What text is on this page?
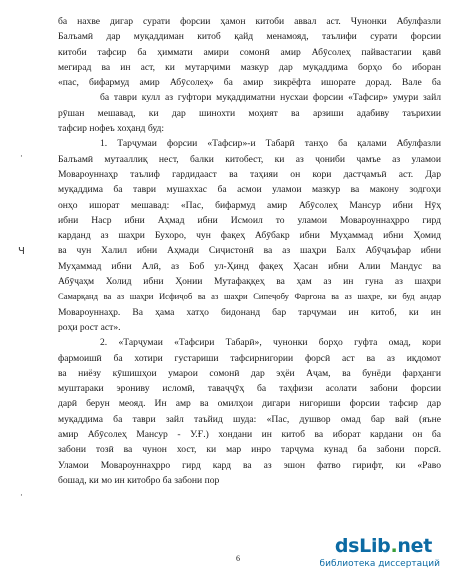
·
ч
·
ба нахве дигар сурати форсии ҳамон китоби аввал аст. Чунонки Абулфазли
Балъамӣ дар муқаддиман китоб қайд менамояд, таълифи сурати форсии
китоби тафсир ба ҳиммати амири сомонӣ амир Абӯсолеҳ пайвастагии қавӣ
мегирад ва ин аст, ки мутарҷими мазкур дар муқаддима борҳо бо иборан
«пас, бифармуд амир Абӯсолеҳ» ба амир зикрёфта ишорате дорад. Вале ба
ба таври кулл аз гуфтори муқаддиматни нусхаи форсии «Тафсир» умури зайл
рӯшан мешавад, ки дар шинохти моҳият ва арзиши адабиву таърихии
тафсир нофеъ хоҳанд буд:
1. Тарҷумаи форсии «Тафсир»-и Табарӣ танҳо ба қалами Абулфазли
Балъамӣ мутааллиқ нест, балки китобест, ки аз ҷониби ҷамъе аз уламои
Мовароуннаҳр таълиф гардидааст ва таҳияи он кори дастҷамъӣ аст. Дар
муқаддима ба таври мушаххас ба асмои уламои мазкур ва макону зодгоҳи
онҳо ишорат мешавад: «Пас, бифармуд амир Абӯсолеҳ Мансур ибни Нӯҳ
ибни Наср ибни Аҳмад ибни Исмоил то уламои Мовароуннаҳрро гирд
карданд аз шаҳри Бухоро, чун фақеҳ Абӯбакр ибни Муҳаммад ибни Ҳомид
ва чун Халил ибни Аҳмади Сиҷистонӣ ва аз шаҳри Балх Абӯҷаъфар ибни
Муҳаммад ибни Алӣ, аз Боб ул-Ҳинд фақеҳ Ҳасан ибни Алии Мандус ва
Абӯҷаҳм Холид ибни Ҳонии Мутафаққеҳ ва ҳам аз ин гуна аз шаҳри
Самарқанд ва аз шаҳри Исфиҷоб ва аз шаҳри Сипеҷобу Фарғона ва аз шаҳре, ки буд андар
Мовароуннаҳр. Ва ҳама хатҳо бидонанд бар тарҷумаи ин китоб, ки ин
роҳи рост аст».
2. «Тарҷумаи «Тафсири Табарӣ», чунонки борҳо гуфта омад, кори
фармоишӣ ба хотири густариши тафсирнигории форсӣ аст ва аз иқдомот
ва ниёзу кӯшишҳои умарои сомонӣ дар эҳёи Аҷам, ва бунёди фарҳанги
муштараки эрониву исломӣ, таваҷҷӯҳ ба таҳфизи асолати забони форсии
дарӣ берун меояд. Ин амр ва омилҳои дигари нигориши форсии тафсир дар
муқаддима ба таври зайл таъйид шуда: «Пас, душвор омад бар вай (яъне
амир Абӯсолеҳ Мансур - У.Ғ.) хондани ин китоб ва иборат кардани он ба
забони тозӣ ва чунон хост, ки мар инро тарҷума кунад ба забони порсӣ.
Уламои Мовароуннаҳрро гирд кард ва аз эшон фатво гирифт, ки «Раво
бошад, ки мо ин китобро ба забони пор
6
dsLib.net
библиотека диссертаций
